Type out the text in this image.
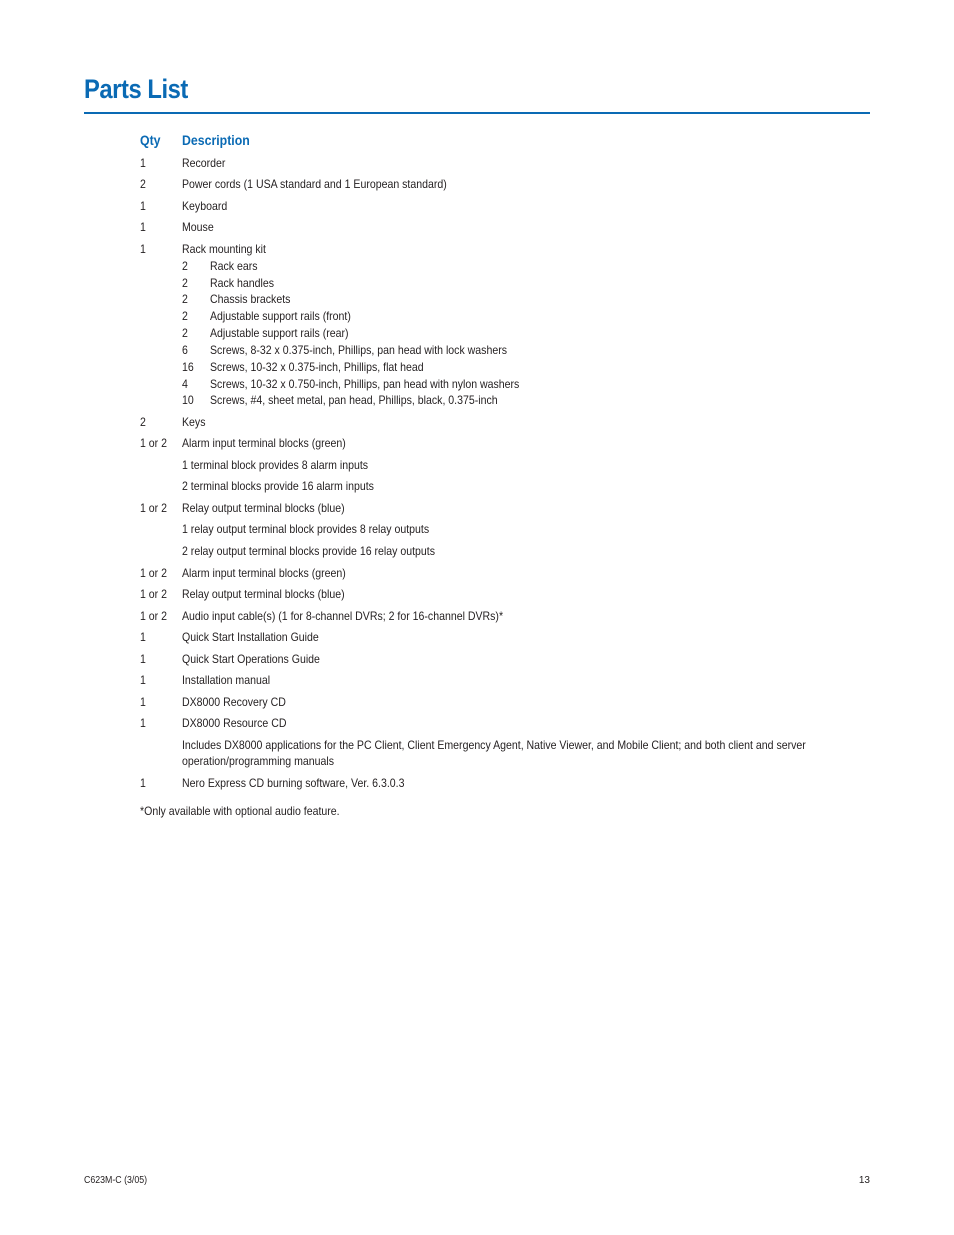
Parts List
Qty Description
1	Recorder
2	Power cords (1 USA standard and 1 European standard)
1	Keyboard
1	Mouse
1	Rack mounting kit
2 Rack ears
2 Rack handles
2 Chassis brackets
2 Adjustable support rails (front)
2 Adjustable support rails (rear)
6 Screws, 8-32 x 0.375-inch, Phillips, pan head with lock washers
16 Screws, 10-32 x 0.375-inch, Phillips, flat head
4 Screws, 10-32 x 0.750-inch, Phillips, pan head with nylon washers
10 Screws, #4, sheet metal, pan head, Phillips, black, 0.375-inch
2	Keys
1 or 2 Alarm input terminal blocks (green)
1 terminal block provides 8 alarm inputs
2 terminal blocks provide 16 alarm inputs
1 or 2 Relay output terminal blocks (blue)
1 relay output terminal block provides 8 relay outputs
2 relay output terminal blocks provide 16 relay outputs
1 or 2 Alarm input terminal blocks (green)
1 or 2 Relay output terminal blocks (blue)
1 or 2 Audio input cable(s) (1 for 8-channel DVRs; 2 for 16-channel DVRs)*
1	Quick Start Installation Guide
1	Quick Start Operations Guide
1	Installation manual
1	DX8000 Recovery CD
1	DX8000 Resource CD
Includes DX8000 applications for the PC Client, Client Emergency Agent, Native Viewer, and Mobile Client; and both client and server
operation/programming manuals
1	Nero Express CD burning software, Ver. 6.3.0.3
*Only available with optional audio feature.
C623M-C (3/05)	13
